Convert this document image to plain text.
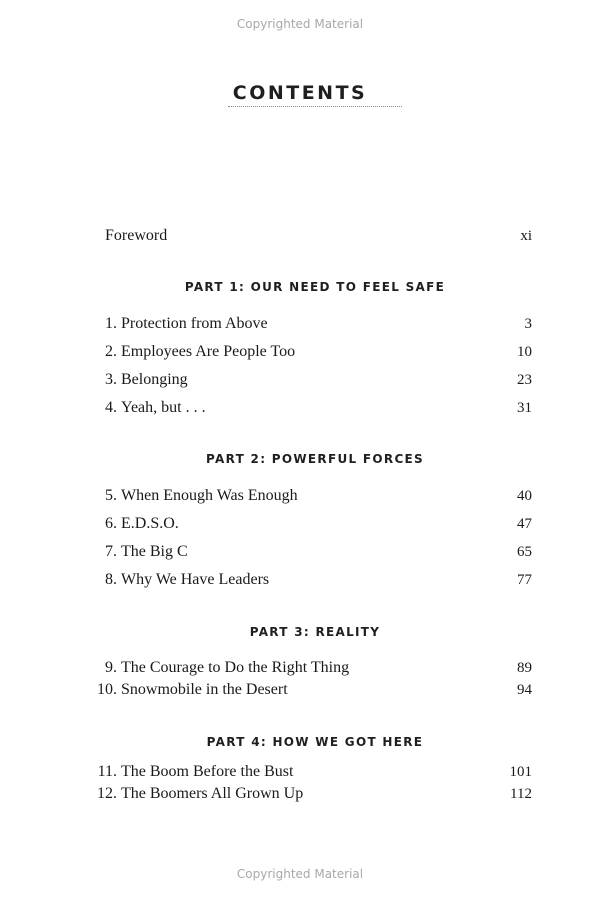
Copyrighted Material
CONTENTS
Foreword	xi
PART 1: OUR NEED TO FEEL SAFE
1. Protection from Above	3
2. Employees Are People Too	10
3. Belonging	23
4. Yeah, but . . .	31
PART 2: POWERFUL FORCES
5. When Enough Was Enough	40
6. E.D.S.O.	47
7. The Big C	65
8. Why We Have Leaders	77
PART 3: REALITY
9. The Courage to Do the Right Thing	89
10. Snowmobile in the Desert	94
PART 4: HOW WE GOT HERE
11. The Boom Before the Bust	101
12. The Boomers All Grown Up	112
Copyrighted Material
